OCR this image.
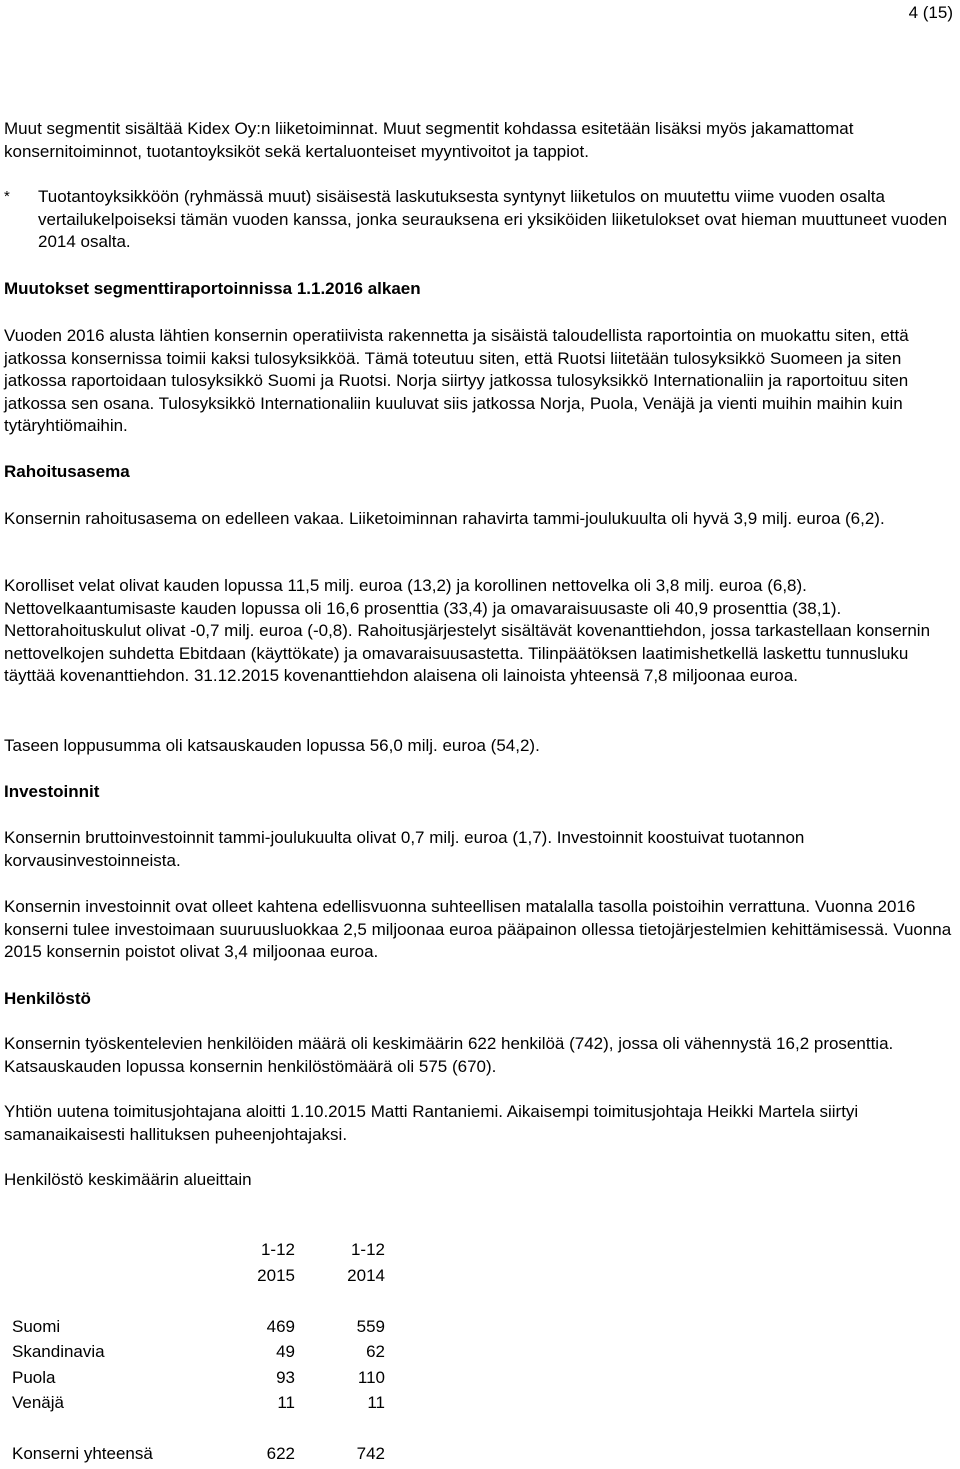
4 (15)

Muut segmentit sisältää Kidex Oy:n liiketoiminnat. Muut segmentit kohdassa esitetään lisäksi myös jakamattomat konsernitoiminnot, tuotantoyksiköt sekä kertaluonteiset myyntivoitot ja tappiot.

*	Tuotantoyksikköön (ryhmässä muut) sisäisestä laskutuksesta syntynyt liiketulos on muutettu viime vuoden osalta vertailukelpoiseksi tämän vuoden kanssa, jonka seurauksena eri yksiköiden liiketulokset ovat hieman muuttuneet vuoden 2014 osalta.

Muutokset segmenttiraportoinnissa 1.1.2016 alkaen

Vuoden 2016 alusta lähtien konsernin operatiivista rakennetta ja sisäistä taloudellista raportointia on muokattu siten, että jatkossa konsernissa toimii kaksi tulosyksikköä. Tämä toteutuu siten, että Ruotsi liitetään tulosyksikkö Suomeen ja siten jatkossa raportoidaan tulosyksikkö Suomi ja Ruotsi. Norja siirtyy jatkossa tulosyksikkö Internationaliin ja raportoituu siten jatkossa sen osana. Tulosyksikkö Internationaliin kuuluvat siis jatkossa Norja, Puola, Venäjä ja vienti muihin maihin kuin tytäryhtiömaihin.

Rahoitusasema

Konsernin rahoitusasema on edelleen vakaa. Liiketoiminnan rahavirta tammi-joulukuulta oli hyvä 3,9 milj. euroa (6,2).

Korolliset velat olivat kauden lopussa 11,5 milj. euroa (13,2) ja korollinen nettovelka oli 3,8 milj. euroa (6,8). Nettovelkaantumisaste kauden lopussa oli 16,6 prosenttia (33,4) ja omavaraisuusaste oli 40,9 prosenttia (38,1). Nettorahoituskulut olivat -0,7 milj. euroa (-0,8). Rahoitusjärjestelyt sisältävät kovenanttiehdon, jossa tarkastellaan konsernin nettovelkojen suhdetta Ebitdaan (käyttökate) ja omavaraisuusastetta. Tilinpäätöksen laatimishetkellä laskettu tunnusluku täyttää kovenanttiehdon. 31.12.2015 kovenanttiehdon alaisena oli lainoista yhteensä 7,8 miljoonaa euroa.

Taseen loppusumma oli katsauskauden lopussa 56,0 milj. euroa (54,2).

Investoinnit

Konsernin bruttoinvestoinnit tammi-joulukuulta olivat 0,7 milj. euroa (1,7). Investoinnit koostuivat tuotannon korvausinvestoinneista.

Konsernin investoinnit ovat olleet kahtena edellisvuonna suhteellisen matalalla tasolla poistoihin verrattuna. Vuonna 2016 konserni tulee investoimaan suuruusluokkaa 2,5 miljoonaa euroa pääpainon ollessa tietojärjestelmien kehittämisessä. Vuonna 2015 konsernin poistot olivat 3,4 miljoonaa euroa.

Henkilöstö

Konsernin työskentelevien henkilöiden määrä oli keskimäärin 622 henkilöä (742), jossa oli vähennystä 16,2 prosenttia. Katsauskauden lopussa konsernin henkilöstömäärä oli 575 (670).

Yhtiön uutena toimitusjohtajana aloitti 1.10.2015 Matti Rantaniemi. Aikaisempi toimitusjohtaja Heikki Martela siirtyi samanaikaisesti hallituksen puheenjohtajaksi.

Henkilöstö keskimäärin alueittain

	1-12	1-12
	2015	2014

Suomi	469	559
Skandinavia	49	62
Puola	93	110
Venäjä	11	11

Konserni yhteensä	622	742
